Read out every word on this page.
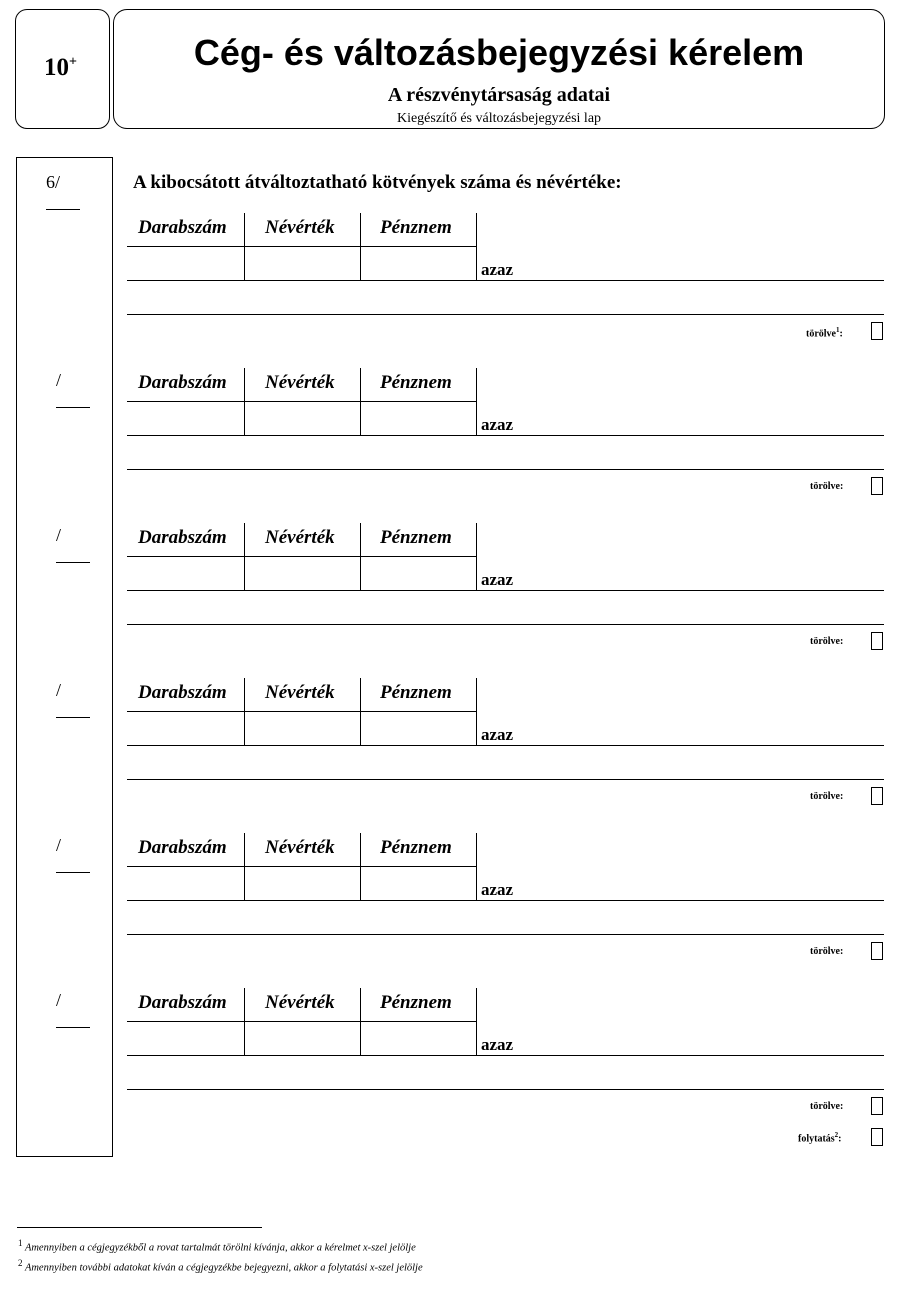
10+	Cég- és változásbejegyzési kérelem
A részvénytársaság adatai
Kiegészítő és változásbejegyzési lap
A kibocsátott átváltoztatható kötvények száma és névértéke:
6/
Darabszám Névérték Pénznem
azaz
törölve$^1$:
/	Darabszám Névérték Pénznem
azaz
törölve:
/	Darabszám Névérték Pénznem
azaz
törölve:
/	Darabszám Névérték Pénznem
azaz
törölve:
/	Darabszám Névérték Pénznem
azaz
törölve:
/	Darabszám Névérték Pénznem
azaz
törölve:
folytatás$^2$:
$^1$ Amennyiben a cégjegyzékből a rovat tartalmát törölni kívánja, akkor a kérelmet x-szel jelölje
$^2$ Amennyiben további adatokat kíván a cégjegyzékbe bejegyezni, akkor a folytatási x-szel jelölje
